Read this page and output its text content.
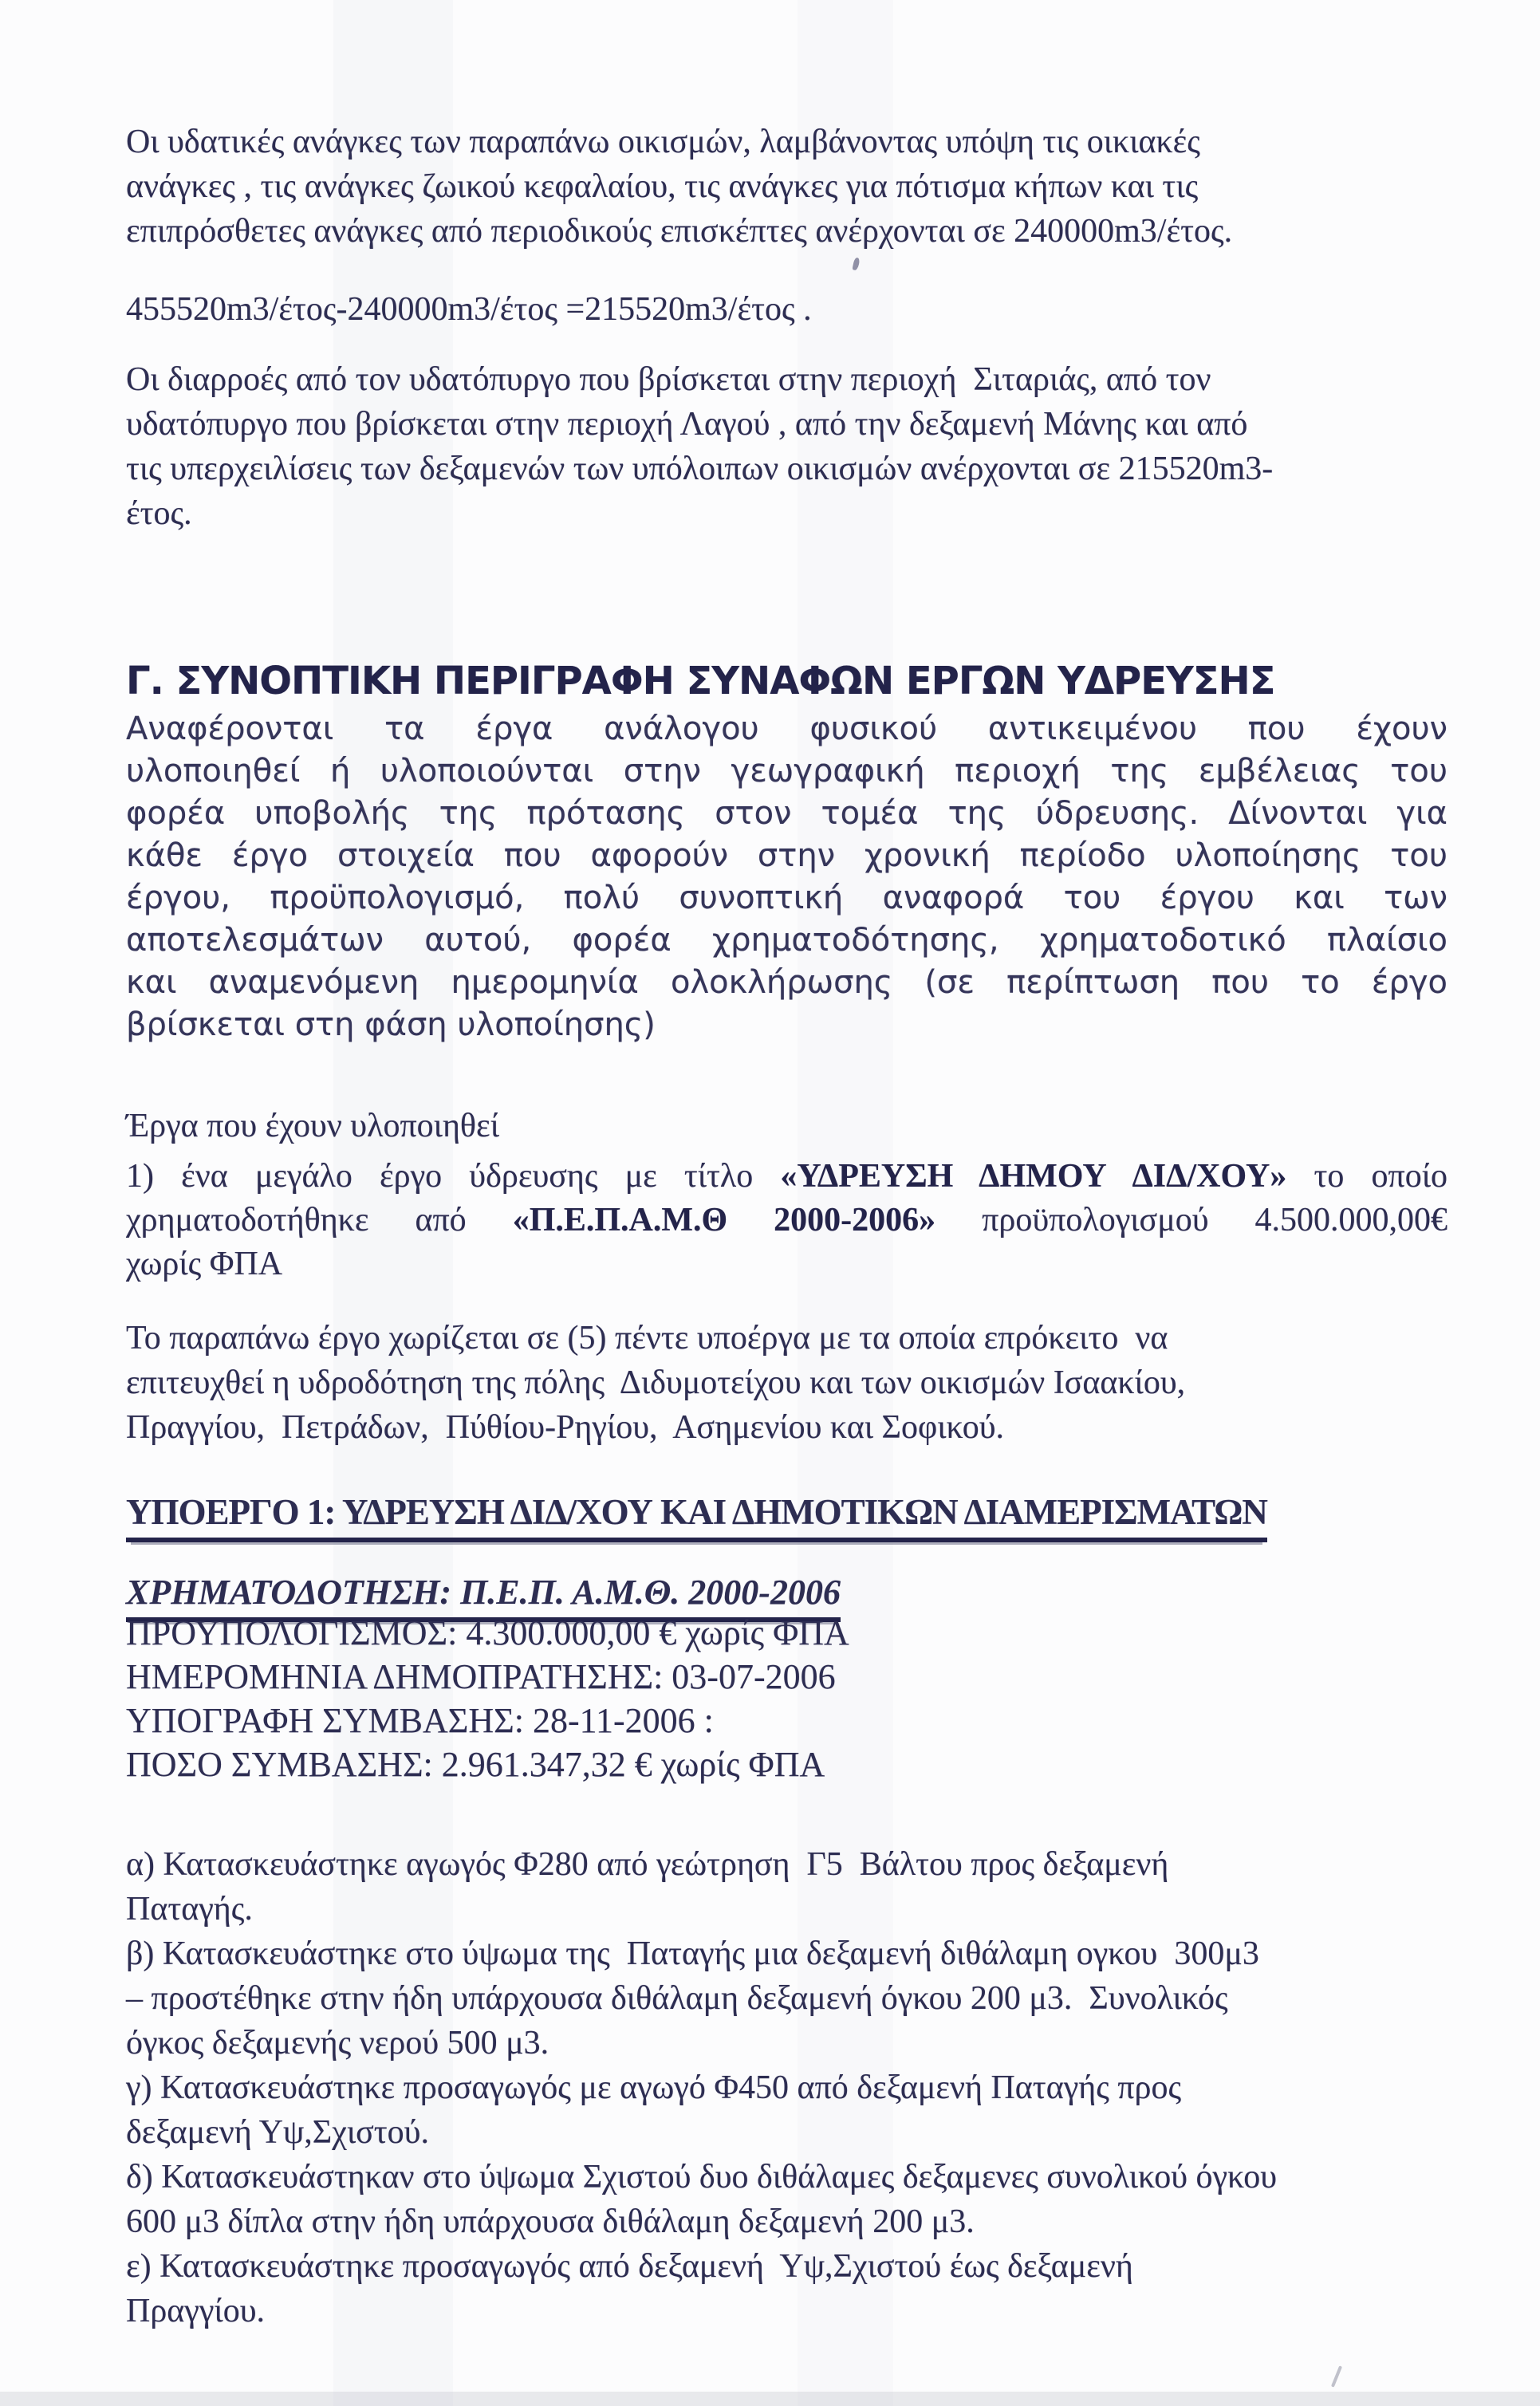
Οι υδατικές ανάγκες των παραπάνω οικισμών, λαμβάνοντας υπόψη τις οικιακές
ανάγκες , τις ανάγκες ζωικού κεφαλαίου, τις ανάγκες για πότισμα κήπων και τις
επιπρόσθετες ανάγκες από περιοδικούς επισκέπτες ανέρχονται σε 240000m3/έτος.
455520m3/έτος-240000m3/έτος =215520m3/έτος .
Οι διαρροές από τον υδατόπυργο που βρίσκεται στην περιοχή  Σιταριάς, από τον
υδατόπυργο που βρίσκεται στην περιοχή Λαγού , από την δεξαμενή Μάνης και από
τις υπερχειλίσεις των δεξαμενών των υπόλοιπων οικισμών ανέρχονται σε 215520m3-
έτος.
Γ. ΣΥΝΟΠΤΙΚΗ ΠΕΡΙΓΡΑΦΗ ΣΥΝΑΦΩΝ ΕΡΓΩΝ ΥΔΡΕΥΣΗΣ
Αναφέρονται τα έργα ανάλογου φυσικού αντικειμένου που έχουν
υλοποιηθεί ή υλοποιούνται στην γεωγραφική περιοχή της εμβέλειας του
φορέα υποβολής της πρότασης στον τομέα της ύδρευσης. Δίνονται για
κάθε έργο στοιχεία που αφορούν στην χρονική περίοδο υλοποίησης του
έργου, προϋπολογισμό, πολύ συνοπτική αναφορά του έργου και των
αποτελεσμάτων αυτού, φορέα χρηματοδότησης, χρηματοδοτικό πλαίσιο
και αναμενόμενη ημερομηνία ολοκλήρωσης (σε περίπτωση που το έργο
βρίσκεται στη φάση υλοποίησης)
Έργα που έχουν υλοποιηθεί
1) ένα μεγάλο έργο ύδρευσης με τίτλο «ΥΔΡΕΥΣΗ ΔΗΜΟΥ ΔΙΔ/ΧΟΥ» το οποίο
χρηματοδοτήθηκε από «Π.Ε.Π.Α.Μ.Θ 2000-2006» προϋπολογισμού 4.500.000,00€
χωρίς ΦΠΑ
Το παραπάνω έργο χωρίζεται σε (5) πέντε υποέργα με τα οποία επρόκειτο  να
επιτευχθεί η υδροδότηση της πόλης  Διδυμοτείχου και των οικισμών Ισαακίου,
Πραγγίου,  Πετράδων,  Πύθίου-Ρηγίου,  Ασημενίου και Σοφικού.
ΥΠΟΕΡΓΟ 1: ΥΔΡΕΥΣΗ ΔΙΔ/ΧΟΥ ΚΑΙ ΔΗΜΟΤΙΚΩΝ ΔΙΑΜΕΡΙΣΜΑΤΩΝ
ΧΡΗΜΑΤΟΔΟΤΗΣΗ: Π.Ε.Π. Α.Μ.Θ. 2000-2006
ΠΡΟΥΠΟΛΟΓΙΣΜΟΣ: 4.300.000,00 € χωρίς ΦΠΑ
ΗΜΕΡΟΜΗΝΙΑ ΔΗΜΟΠΡΑΤΗΣΗΣ: 03-07-2006
ΥΠΟΓΡΑΦΗ ΣΥΜΒΑΣΗΣ: 28-11-2006 :
ΠΟΣΟ ΣΥΜΒΑΣΗΣ: 2.961.347,32 € χωρίς ΦΠΑ
α) Κατασκευάστηκε αγωγός Φ280 από γεώτρηση  Γ5  Βάλτου προς δεξαμενή
Παταγής.
β) Κατασκευάστηκε στο ύψωμα της  Παταγής μια δεξαμενή διθάλαμη ογκου  300μ3
– προστέθηκε στην ήδη υπάρχουσα διθάλαμη δεξαμενή όγκου 200 μ3.  Συνολικός
όγκος δεξαμενής νερού 500 μ3.
γ) Κατασκευάστηκε προσαγωγός με αγωγό Φ450 από δεξαμενή Παταγής προς
δεξαμενή Υψ,Σχιστού.
δ) Κατασκευάστηκαν στο ύψωμα Σχιστού δυο διθάλαμες δεξαμενες συνολικού όγκου
600 μ3 δίπλα στην ήδη υπάρχουσα διθάλαμη δεξαμενή 200 μ3.
ε) Κατασκευάστηκε προσαγωγός από δεξαμενή  Υψ,Σχιστού έως δεξαμενή
Πραγγίου.
